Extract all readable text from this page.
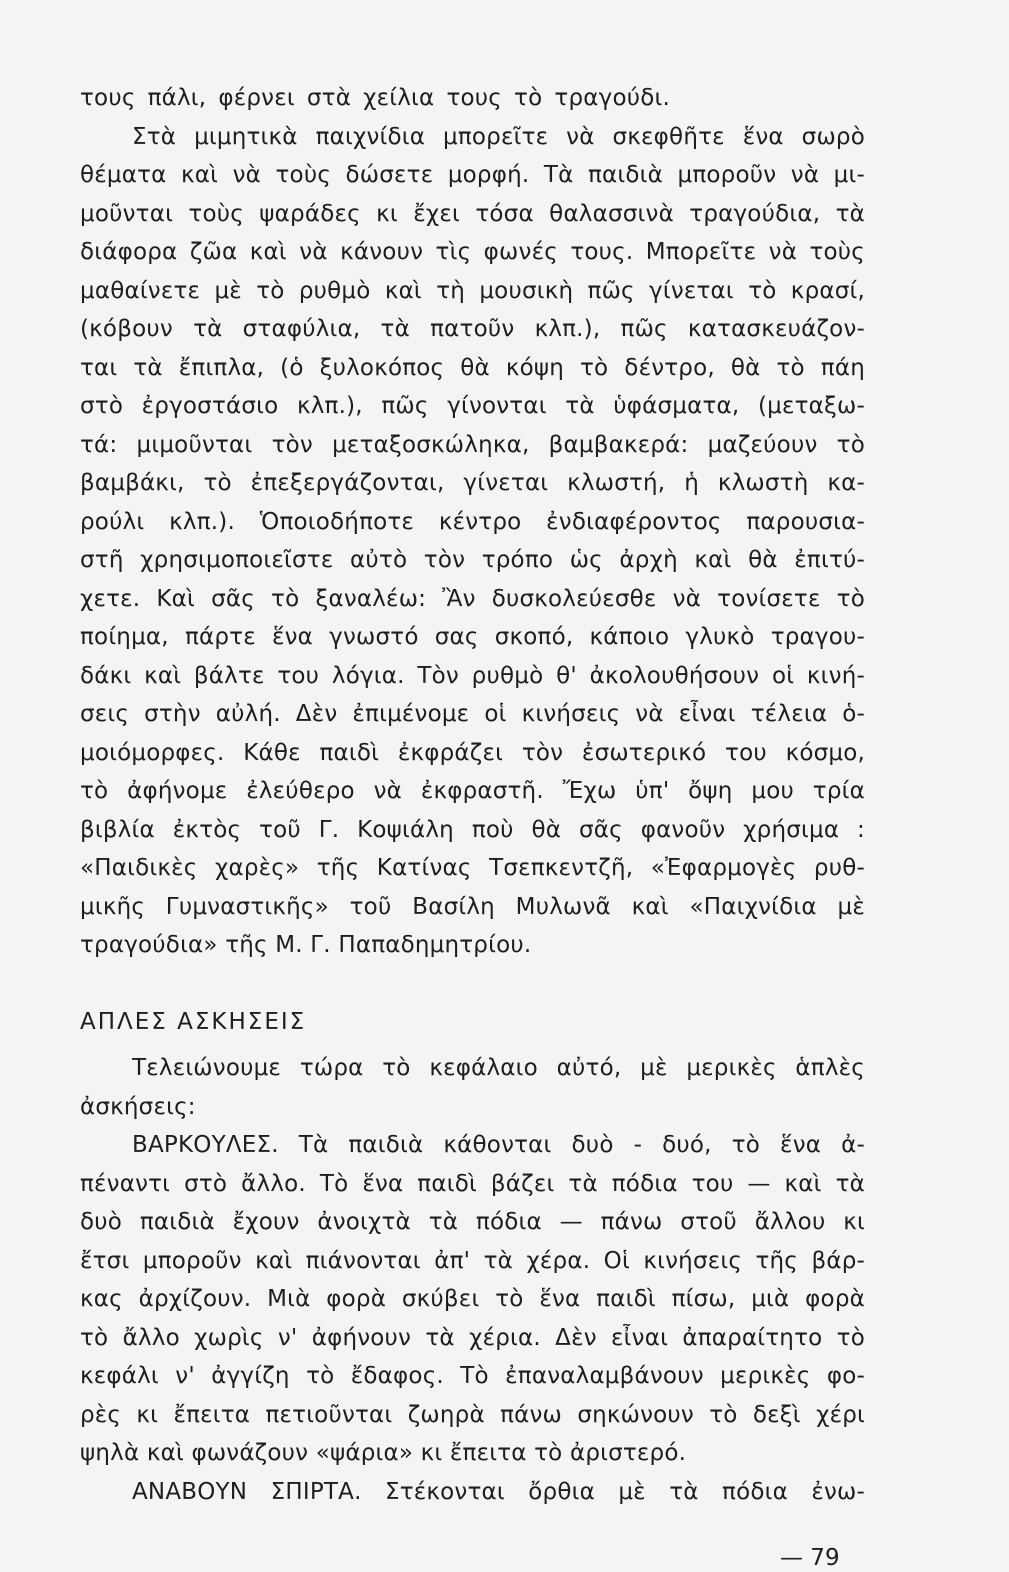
τους πάλι, φέρνει στὰ χείλια τους τὸ τραγούδι.
Στὰ μιμητικὰ παιχνίδια μπορεῖτε νὰ σκεφθῆτε ἕνα σωρὸ
θέματα καὶ νὰ τοὺς δώσετε μορφή. Τὰ παιδιὰ μποροῦν νὰ μι-
μοῦνται τοὺς ψαράδες κι ἔχει τόσα θαλασσινὰ τραγούδια, τὰ
διάφορα ζῶα καὶ νὰ κάνουν τὶς φωνές τους. Μπορεῖτε νὰ τοὺς
μαθαίνετε μὲ τὸ ρυθμὸ καὶ τὴ μουσικὴ πῶς γίνεται τὸ κρασί,
(κόβουν τὰ σταφύλια, τὰ πατοῦν κλπ.), πῶς κατασκευάζον-
ται τὰ ἔπιπλα, (ὁ ξυλοκόπος θὰ κόψη τὸ δέντρο, θὰ τὸ πάη
στὸ ἐργοστάσιο κλπ.), πῶς γίνονται τὰ ὑφάσματα, (μεταξω-
τά: μιμοῦνται τὸν μεταξοσκώληκα, βαμβακερά: μαζεύουν τὸ
βαμβάκι, τὸ ἐπεξεργάζονται, γίνεται κλωστή, ἡ κλωστὴ κα-
ρούλι κλπ.). Ὁποιοδήποτε κέντρο ἐνδιαφέροντος παρουσια-
στῆ χρησιμοποιεῖστε αὐτὸ τὸν τρόπο ὡς ἀρχὴ καὶ θὰ ἐπιτύ-
χετε. Καὶ σᾶς τὸ ξαναλέω: Ἂν δυσκολεύεσθε νὰ τονίσετε τὸ
ποίημα, πάρτε ἕνα γνωστό σας σκοπό, κάποιο γλυκὸ τραγου-
δάκι καὶ βάλτε του λόγια. Τὸν ρυθμὸ θ' ἀκολουθήσουν οἱ κινή-
σεις στὴν αὐλή. Δὲν ἐπιμένομε οἱ κινήσεις νὰ εἶναι τέλεια ὁ-
μοιόμορφες. Κάθε παιδὶ ἐκφράζει τὸν ἐσωτερικό του κόσμο,
τὸ ἀφήνομε ἐλεύθερο νὰ ἐκφραστῆ. Ἔχω ὑπ' ὄψη μου τρία
βιβλία ἐκτὸς τοῦ Γ. Κοψιάλη ποὺ θὰ σᾶς φανοῦν χρήσιμα :
«Παιδικὲς χαρὲς» τῆς Κατίνας Τσεπκεντζῆ, «Ἐφαρμογὲς ρυθ-
μικῆς Γυμναστικῆς» τοῦ Βασίλη Μυλωνᾶ καὶ «Παιχνίδια μὲ
τραγούδια» τῆς Μ. Γ. Παπαδημητρίου.
ΑΠΛΕΣ ΑΣΚΗΣΕΙΣ
Τελειώνουμε τώρα τὸ κεφάλαιο αὐτό, μὲ μερικὲς ἁπλὲς
ἀσκήσεις:
ΒΑΡΚΟΥΛΕΣ. Τὰ παιδιὰ κάθονται δυὸ - δυό, τὸ ἕνα ἀ-
πέναντι στὸ ἄλλο. Τὸ ἕνα παιδὶ βάζει τὰ πόδια του — καὶ τὰ
δυὸ παιδιὰ ἔχουν ἀνοιχτὰ τὰ πόδια — πάνω στοῦ ἄλλου κι
ἔτσι μποροῦν καὶ πιάνονται ἀπ' τὰ χέρα. Οἱ κινήσεις τῆς βάρ-
κας ἀρχίζουν. Μιὰ φορὰ σκύβει τὸ ἕνα παιδὶ πίσω, μιὰ φορὰ
τὸ ἄλλο χωρὶς ν' ἀφήνουν τὰ χέρια. Δὲν εἶναι ἀπαραίτητο τὸ
κεφάλι ν' ἀγγίζη τὸ ἔδαφος. Τὸ ἐπαναλαμβάνουν μερικὲς φο-
ρὲς κι ἔπειτα πετιοῦνται ζωηρὰ πάνω σηκώνουν τὸ δεξὶ χέρι
ψηλὰ καὶ φωνάζουν «ψάρια» κι ἔπειτα τὸ ἀριστερό.
ΑΝΑΒΟΥΝ ΣΠΙΡΤΑ. Στέκονται ὄρθια μὲ τὰ πόδια ἐνω-
— 79
